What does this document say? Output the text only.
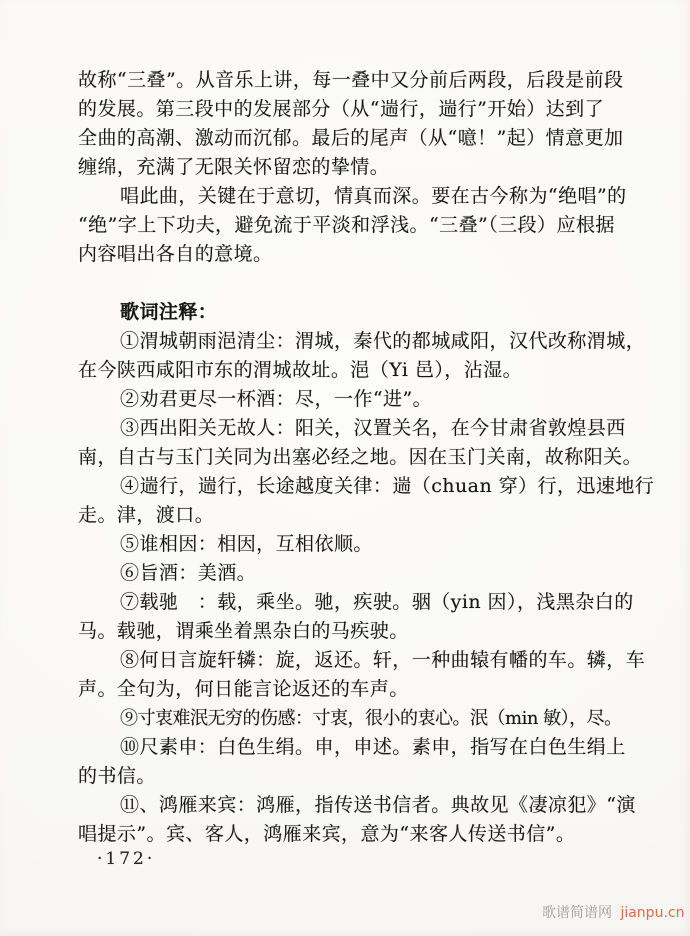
故称“三叠”。从音乐上讲，每一叠中又分前后两段，后段是前段
的发展。第三段中的发展部分（从“遄行，遄行”开始）达到了
全曲的高潮、激动而沉郁。最后的尾声（从“噫！”起）情意更加
缠绵，充满了无限关怀留恋的挚情。
唱此曲，关键在于意切，情真而深。要在古今称为“绝唱”的
“绝”字上下功夫，避免流于平淡和浮浅。“三叠”（三段）应根据
内容唱出各自的意境。
歌词注释：
①渭城朝雨浥清尘：渭城，秦代的都城咸阳，汉代改称渭城，
在今陕西咸阳市东的渭城故址。浥（Yi 邑），沾湿。
②劝君更尽一杯酒：尽，一作“进”。
③西出阳关无故人：阳关，汉置关名，在今甘肃省敦煌县西
南，自古与玉门关同为出塞必经之地。因在玉门关南，故称阳关。
④遄行，遄行，长途越度关律：遄（chuan 穿）行，迅速地行
走。津，渡口。
⑤谁相因：相因，互相依顺。
⑥旨酒：美酒。
⑦载驰　：载，乘坐。驰，疾驶。骃（yin 因），浅黑杂白的
马。载驰，谓乘坐着黑杂白的马疾驶。
⑧何日言旋轩辚：旋，返还。轩，一种曲辕有幡的车。辚，车
声。全句为，何日能言论返还的车声。
⑨寸衷难泯无穷的伤感：寸衷，很小的衷心。泯（min 敏），尽。
⑩尺素申：白色生绢。申，申述。素申，指写在白色生绢上
的书信。
⑪、鸿雁来宾：鸿雁，指传送书信者。典故见《凄凉犯》“演
唱提示”。宾、客人，鸿雁来宾，意为“来客人传送书信”。
·172·
歌谱简谱网 jianpu.cn
